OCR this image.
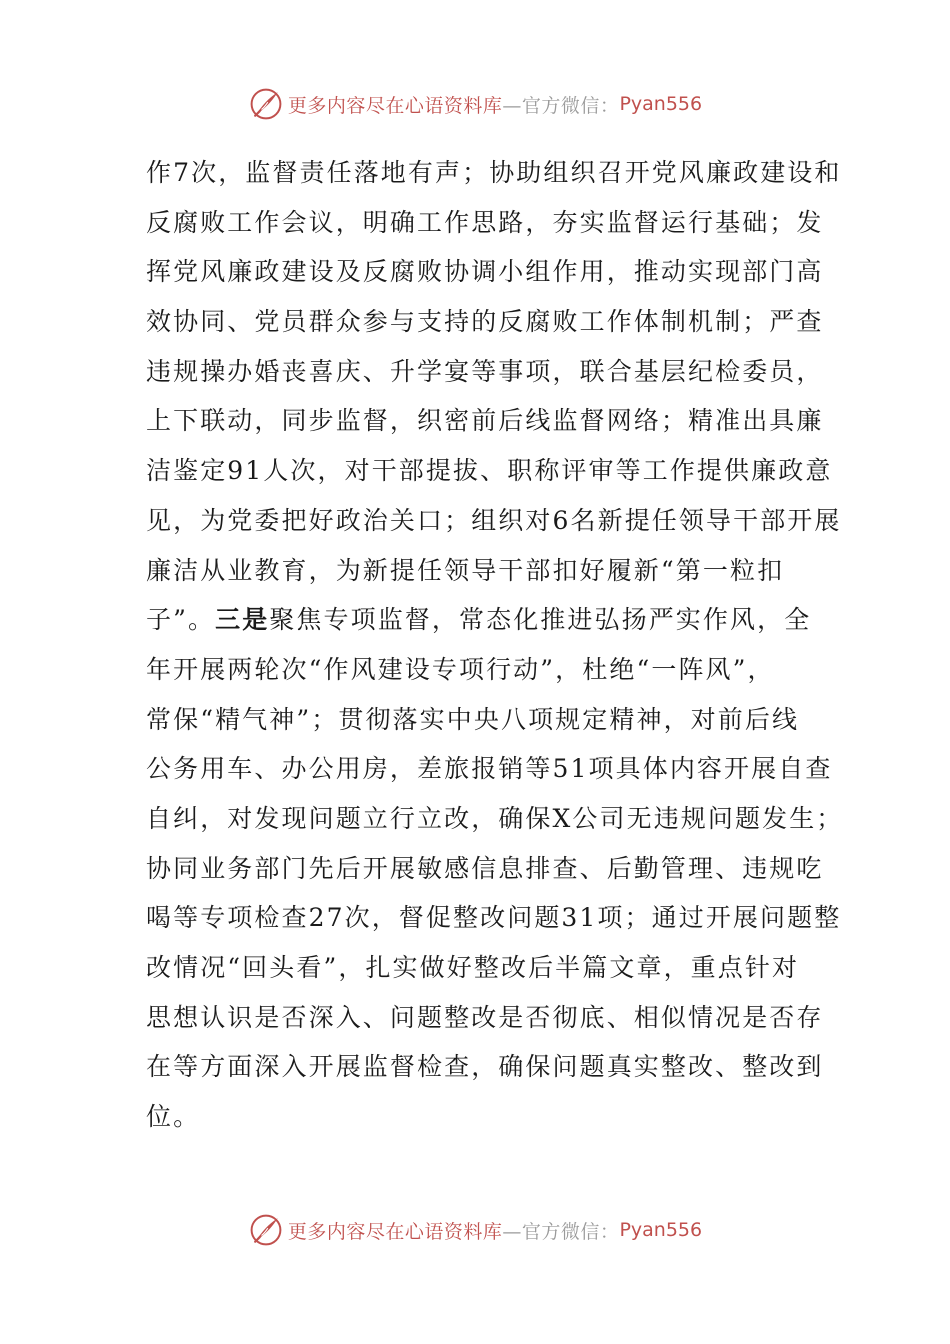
更多内容尽在心语资料库 —官方微信： Pyan556
作7次，监督责任落地有声；协助组织召开党风廉政建设和
反腐败工作会议，明确工作思路，夯实监督运行基础；发
挥党风廉政建设及反腐败协调小组作用，推动实现部门高
效协同、党员群众参与支持的反腐败工作体制机制；严查
违规操办婚丧喜庆、升学宴等事项，联合基层纪检委员，
上下联动，同步监督，织密前后线监督网络；精准出具廉
洁鉴定91人次，对干部提拔、职称评审等工作提供廉政意
见，为党委把好政治关口；组织对6名新提任领导干部开展
廉洁从业教育，为新提任领导干部扣好履新“第一粒扣
子”。三是聚焦专项监督，常态化推进弘扬严实作风，全
年开展两轮次“作风建设专项行动”，杜绝“一阵风”，
常保“精气神”；贯彻落实中央八项规定精神，对前后线
公务用车、办公用房，差旅报销等51项具体内容开展自查
自纠，对发现问题立行立改，确保X公司无违规问题发生；
协同业务部门先后开展敏感信息排查、后勤管理、违规吃
喝等专项检查27次，督促整改问题31项；通过开展问题整
改情况“回头看”，扎实做好整改后半篇文章，重点针对
思想认识是否深入、问题整改是否彻底、相似情况是否存
在等方面深入开展监督检查，确保问题真实整改、整改到
位。
更多内容尽在心语资料库 —官方微信： Pyan556
